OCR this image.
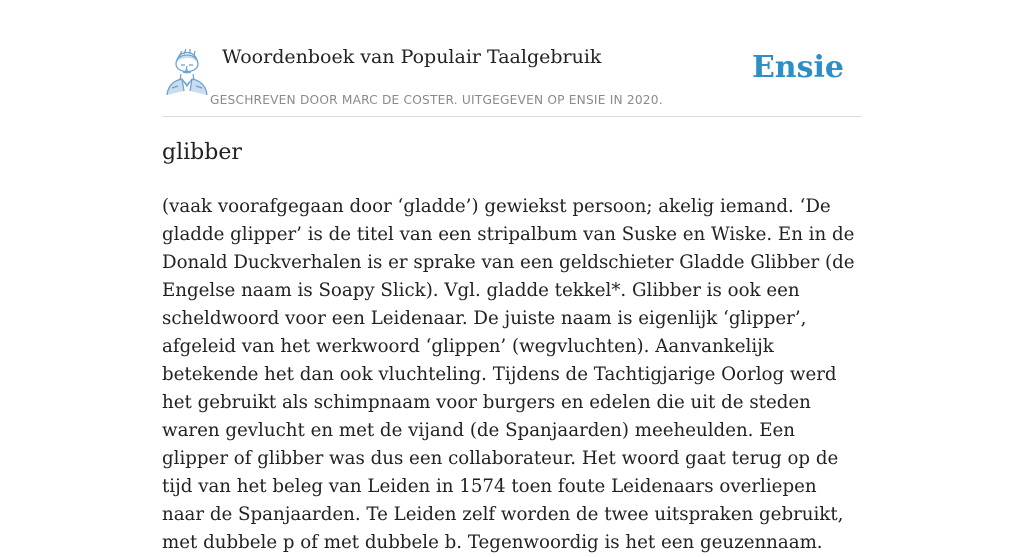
Woordenboek van Populair Taalgebruik
GESCHREVEN DOOR MARC DE COSTER. UITGEGEVEN OP ENSIE IN 2020.
Ensie
glibber

(vaak voorafgegaan door ‘gladde’) gewiekst persoon; akelig iemand. ‘De gladde glipper’ is de titel van een stripalbum van Suske en Wiske. En in de Donald Duckverhalen is er sprake van een geldschieter Gladde Glibber (de Engelse naam is Soapy Slick). Vgl. gladde tekkel*. Glibber is ook een scheldwoord voor een Leidenaar. De juiste naam is eigenlijk ‘glipper’, afgeleid van het werkwoord ‘glippen’ (wegvluchten). Aanvankelijk betekende het dan ook vluchteling. Tijdens de Tachtigjarige Oorlog werd het gebruikt als schimpnaam voor burgers en edelen die uit de steden waren gevlucht en met de vijand (de Spanjaarden) meeheulden. Een glipper of glibber was dus een collaborateur. Het woord gaat terug op de tijd van het beleg van Leiden in 1574 toen foute Leidenaars overliepen naar de Spanjaarden. Te Leiden zelf worden de twee uitspraken gebruikt, met dubbele p of met dubbele b. Tegenwoordig is het een geuzennaam.
